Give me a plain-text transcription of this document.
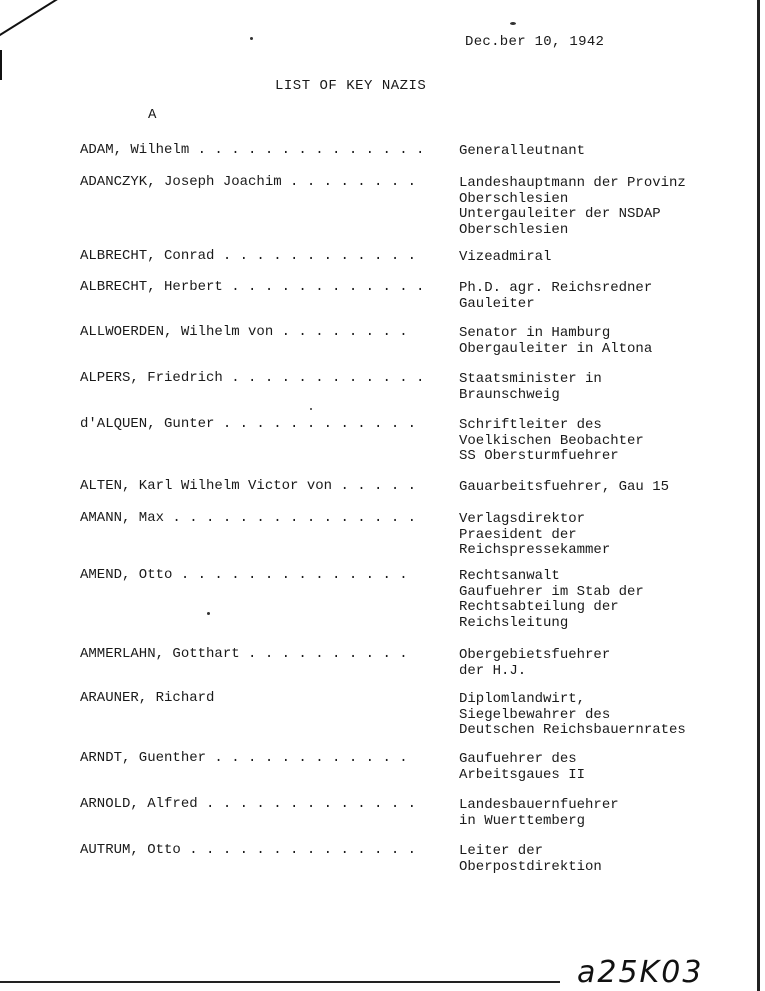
Dec.ber 10, 1942
LIST OF KEY NAZIS
A
ADAM, Wilhelm . . . . . . . . . . . . . .	Generalleutnant
ADANCZYK, Joseph Joachim . . . . . . . .	Landeshauptmann der Provinz
Oberschlesien
Untergauleiter der NSDAP
Oberschlesien
ALBRECHT, Conrad . . . . . . . . . . . .	Vizeadmiral
ALBRECHT, Herbert . . . . . . . . . . . .	Ph.D. agr. Reichsredner
Gauleiter
ALLWOERDEN, Wilhelm von . . . . . . . .	Senator in Hamburg
Obergauleiter in Altona
ALPERS, Friedrich . . . . . . . . . . . .	Staatsminister in
Braunschweig
d'ALQUEN, Gunter . . . . . . . . . . . .	Schriftleiter des
Voelkischen Beobachter
SS Obersturmfuehrer
ALTEN, Karl Wilhelm Victor von . . . . .	Gauarbeitsfuehrer, Gau 15
AMANN, Max . . . . . . . . . . . . . . .	Verlagsdirektor
Praesident der
Reichspressekammer
AMEND, Otto . . . . . . . . . . . . . .	Rechtsanwalt
Gaufuehrer im Stab der
Rechtsabteilung der
Reichsleitung
AMMERLAHN, Gotthart . . . . . . . . . .	Obergebietsfuehrer
der H.J.
ARAUNER, Richard	Diplomlandwirt,
Siegelbewahrer des
Deutschen Reichsbauernrates
ARNDT, Guenther . . . . . . . . . . . .	Gaufuehrer des
Arbeitsgaues II
ARNOLD, Alfred . . . . . . . . . . . . .	Landesbauernfuehrer
in Wuerttemberg
AUTRUM, Otto . . . . . . . . . . . . . .	Leiter der
Oberpostdirektion
a25K03
